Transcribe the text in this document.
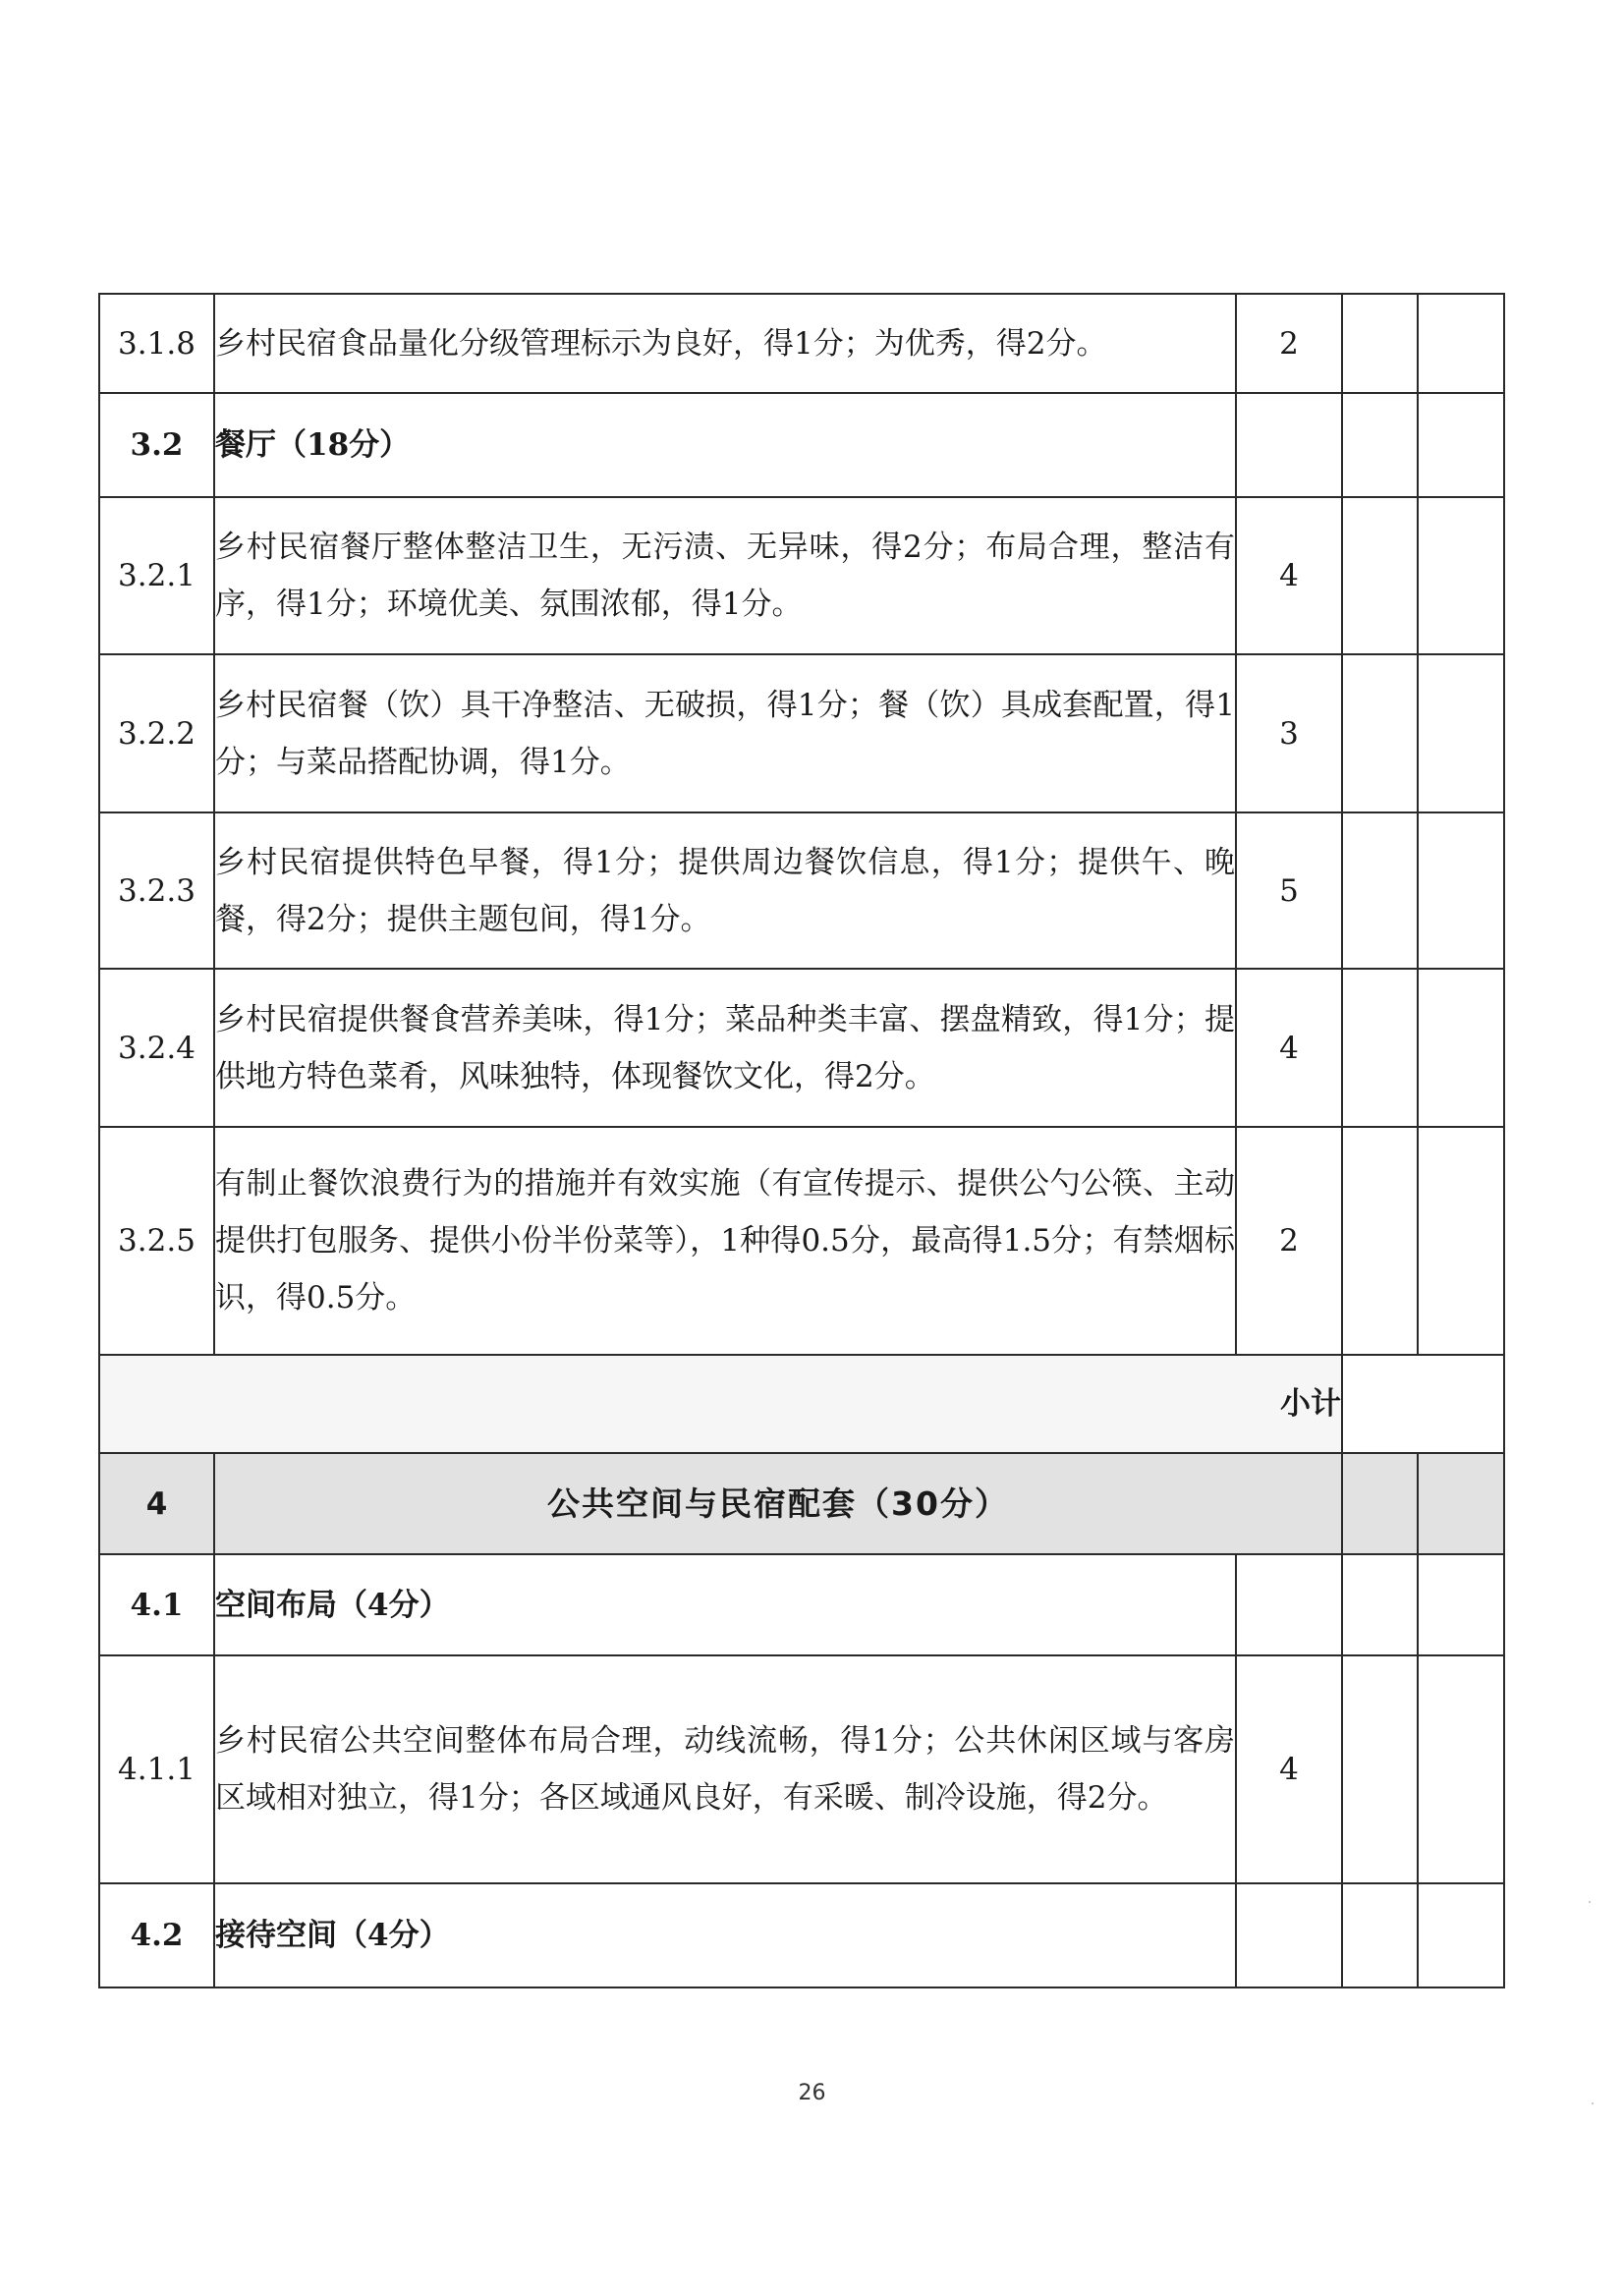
3.1.8	乡村民宿食品量化分级管理标示为良好，得1分；为优秀，得2分。	2		
3.2	餐厅（18分）			
3.2.1	乡村民宿餐厅整体整洁卫生，无污渍、无异味，得2分；布局合理，整洁有序，得1分；环境优美、氛围浓郁，得1分。	4		
3.2.2	乡村民宿餐（饮）具干净整洁、无破损，得1分；餐（饮）具成套配置，得1分；与菜品搭配协调，得1分。	3		
3.2.3	乡村民宿提供特色早餐，得1分；提供周边餐饮信息，得1分；提供午、晚餐，得2分；提供主题包间，得1分。	5		
3.2.4	乡村民宿提供餐食营养美味，得1分；菜品种类丰富、摆盘精致，得1分；提供地方特色菜肴，风味独特，体现餐饮文化，得2分。	4		
3.2.5	有制止餐饮浪费行为的措施并有效实施（有宣传提示、提供公勺公筷、主动提供打包服务、提供小份半份菜等），1种得0.5分，最高得1.5分；有禁烟标识，得0.5分。	2		
小计				
4	公共空间与民宿配套（30分）			
4.1	空间布局（4分）			
4.1.1	乡村民宿公共空间整体布局合理，动线流畅，得1分；公共休闲区域与客房区域相对独立，得1分；各区域通风良好，有采暖、制冷设施，得2分。	4		
4.2	接待空间（4分）			
26
